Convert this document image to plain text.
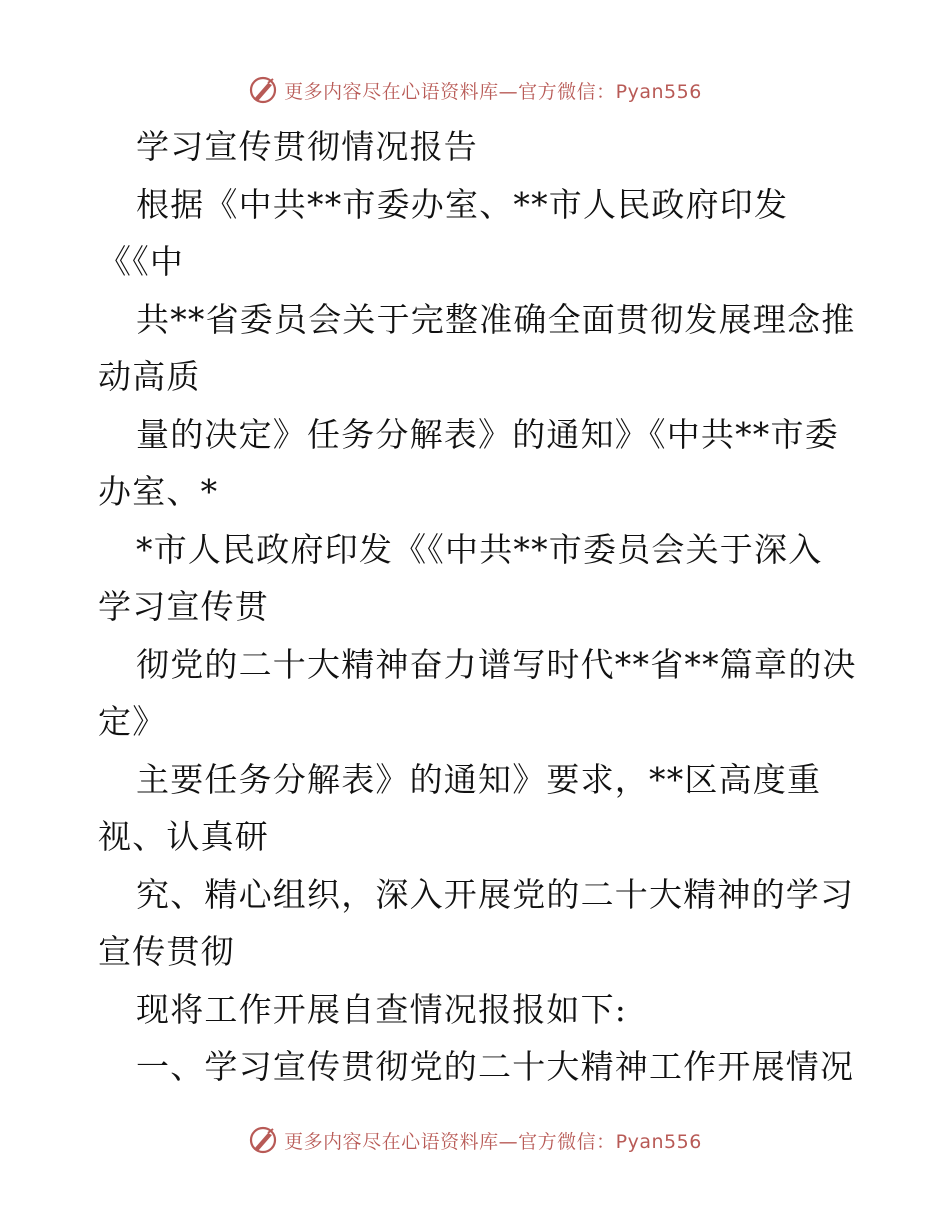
更多内容尽在心语资料库—官方微信：Pyan556
学习宣传贯彻情况报告
根据《中共**市委办室、**市人民政府印发
《《中
共**省委员会关于完整准确全面贯彻发展理念推
动高质
量的决定》任务分解表》的通知》《中共**市委
办室、*
*市人民政府印发《《中共**市委员会关于深入
学习宣传贯
彻党的二十大精神奋力谱写时代**省**篇章的决
定》
主要任务分解表》的通知》要求，**区高度重
视、认真研
究、精心组织，深入开展党的二十大精神的学习
宣传贯彻
现将工作开展自查情况报报如下:
一、学习宣传贯彻党的二十大精神工作开展情况
更多内容尽在心语资料库—官方微信：Pyan556
